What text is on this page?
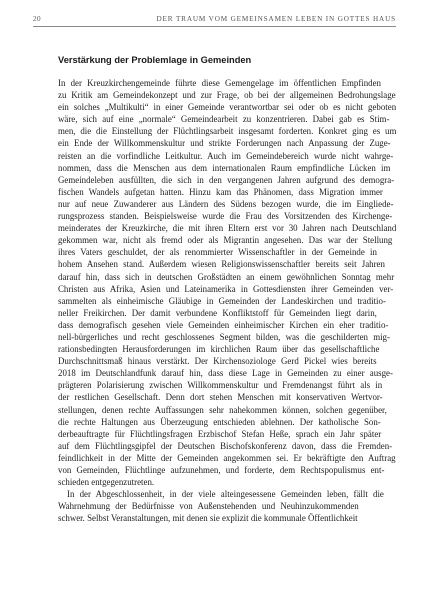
20	DER TRAUM VOM GEMEINSAMEN LEBEN IN GOTTES HAUS
Verstärkung der Problemlage in Gemeinden
In der Kreuzkirchengemeinde führte diese Gemengelage im öffentlichen Empfinden
zu Kritik am Gemeindekonzept und zur Frage, ob bei der allgemeinen Bedrohungslage
ein solches „Multikulti“ in einer Gemeinde verantwortbar sei oder ob es nicht geboten
wäre, sich auf eine „normale“ Gemeindearbeit zu konzentrieren. Dabei gab es Stim-
men, die die Einstellung der Flüchtlingsarbeit insgesamt forderten. Konkret ging es um
ein Ende der Willkommenskultur und strikte Forderungen nach Anpassung der Zuge-
reisten an die vorfindliche Leitkultur. Auch im Gemeindebereich wurde nicht wahrge-
nommen, dass die Menschen aus dem internationalen Raum empfindliche Lücken im
Gemeindeleben ausfüllten, die sich in den vergangenen Jahren aufgrund des demogra-
fischen Wandels aufgetan hatten. Hinzu kam das Phänomen, dass Migration immer
nur auf neue Zuwanderer aus Ländern des Südens bezogen wurde, die im Eingliede-
rungsprozess standen. Beispielsweise wurde die Frau des Vorsitzenden des Kirchenge-
meinderates der Kreuzkirche, die mit ihren Eltern erst vor 30 Jahren nach Deutschland
gekommen war, nicht als fremd oder als Migrantin angesehen. Das war der Stellung
ihres Vaters geschuldet, der als renommierter Wissenschaftler in der Gemeinde in
hohem Ansehen stand. Außerdem wiesen Religionswissenschaftler bereits seit Jahren
darauf hin, dass sich in deutschen Großstädten an einem gewöhnlichen Sonntag mehr
Christen aus Afrika, Asien und Lateinamerika in Gottesdiensten ihrer Gemeinden ver-
sammelten als einheimische Gläubige in Gemeinden der Landeskirchen und traditio-
neller Freikirchen. Der damit verbundene Konfliktstoff für Gemeinden liegt darin,
dass demografisch gesehen viele Gemeinden einheimischer Kirchen ein eher traditio-
nell-bürgerliches und recht geschlossenes Segment bilden, was die geschilderten mig-
rationsbedingten Herausforderungen im kirchlichen Raum über das gesellschaftliche
Durchschnittsmaß hinaus verstärkt. Der Kirchensoziologe Gerd Pickel wies bereits
2018 im Deutschlandfunk darauf hin, dass diese Lage in Gemeinden zu einer ausge-
prägteren Polarisierung zwischen Willkommenskultur und Fremdenangst führt als in
der restlichen Gesellschaft. Denn dort stehen Menschen mit konservativen Wertvor-
stellungen, denen rechte Auffassungen sehr nahekommen können, solchen gegenüber,
die rechte Haltungen aus Überzeugung entschieden ablehnen. Der katholische Son-
derbeauftragte für Flüchtlingsfragen Erzbischof Stefan Heße, sprach ein Jahr später
auf dem Flüchtlingsgipfel der Deutschen Bischofskonferenz davon, dass die Fremden-
feindlichkeit in der Mitte der Gemeinden angekommen sei. Er bekräftigte den Auftrag
von Gemeinden, Flüchtlinge aufzunehmen, und forderte, dem Rechtspopulismus ent-
schieden entgegenzutreten.
In der Abgeschlossenheit, in der viele alteingesessene Gemeinden leben, fällt die
Wahrnehmung der Bedürfnisse von Außenstehenden und Neuhinzukommenden
schwer. Selbst Veranstaltungen, mit denen sie explizit die kommunale Öffentlichkeit
